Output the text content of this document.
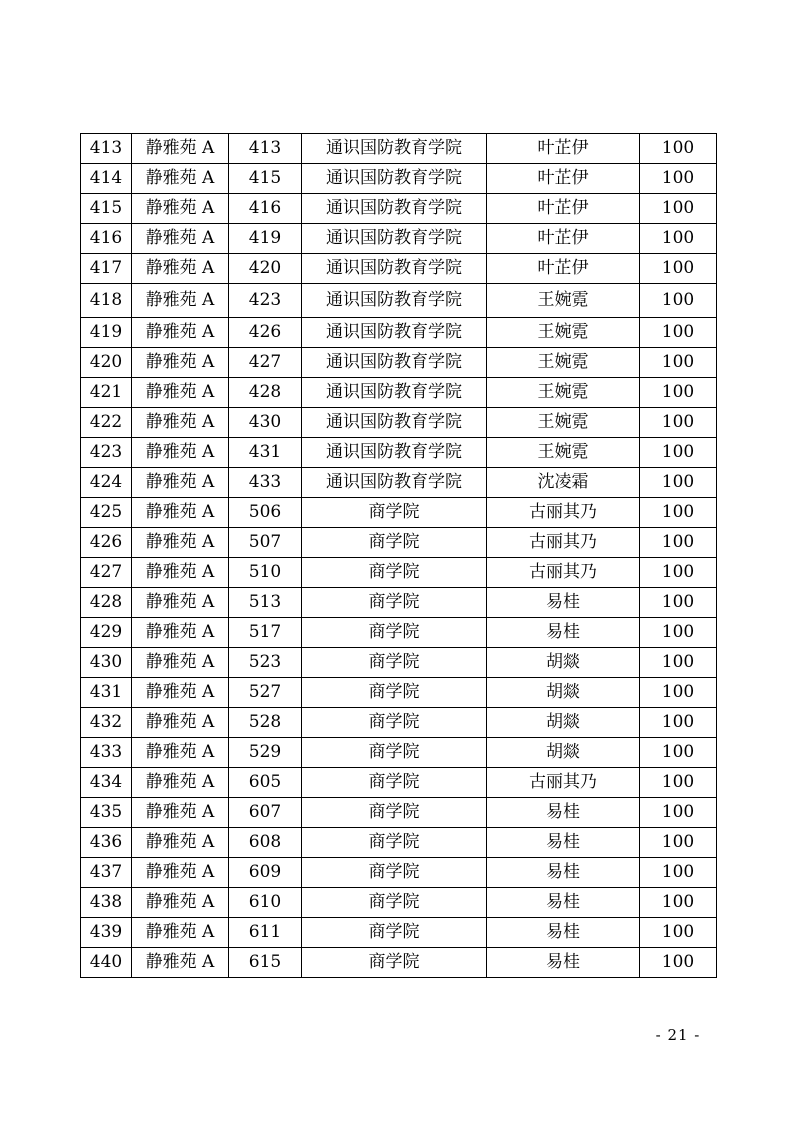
413	静雅苑 A	413	通识国防教育学院	叶芷伊	100
414	静雅苑 A	415	通识国防教育学院	叶芷伊	100
415	静雅苑 A	416	通识国防教育学院	叶芷伊	100
416	静雅苑 A	419	通识国防教育学院	叶芷伊	100
417	静雅苑 A	420	通识国防教育学院	叶芷伊	100
418	静雅苑 A	423	通识国防教育学院	王婉霓	100
419	静雅苑 A	426	通识国防教育学院	王婉霓	100
420	静雅苑 A	427	通识国防教育学院	王婉霓	100
421	静雅苑 A	428	通识国防教育学院	王婉霓	100
422	静雅苑 A	430	通识国防教育学院	王婉霓	100
423	静雅苑 A	431	通识国防教育学院	王婉霓	100
424	静雅苑 A	433	通识国防教育学院	沈凌霜	100
425	静雅苑 A	506	商学院	古丽其乃	100
426	静雅苑 A	507	商学院	古丽其乃	100
427	静雅苑 A	510	商学院	古丽其乃	100
428	静雅苑 A	513	商学院	易桂	100
429	静雅苑 A	517	商学院	易桂	100
430	静雅苑 A	523	商学院	胡燚	100
431	静雅苑 A	527	商学院	胡燚	100
432	静雅苑 A	528	商学院	胡燚	100
433	静雅苑 A	529	商学院	胡燚	100
434	静雅苑 A	605	商学院	古丽其乃	100
435	静雅苑 A	607	商学院	易桂	100
436	静雅苑 A	608	商学院	易桂	100
437	静雅苑 A	609	商学院	易桂	100
438	静雅苑 A	610	商学院	易桂	100
439	静雅苑 A	611	商学院	易桂	100
440	静雅苑 A	615	商学院	易桂	100
- 21 -
